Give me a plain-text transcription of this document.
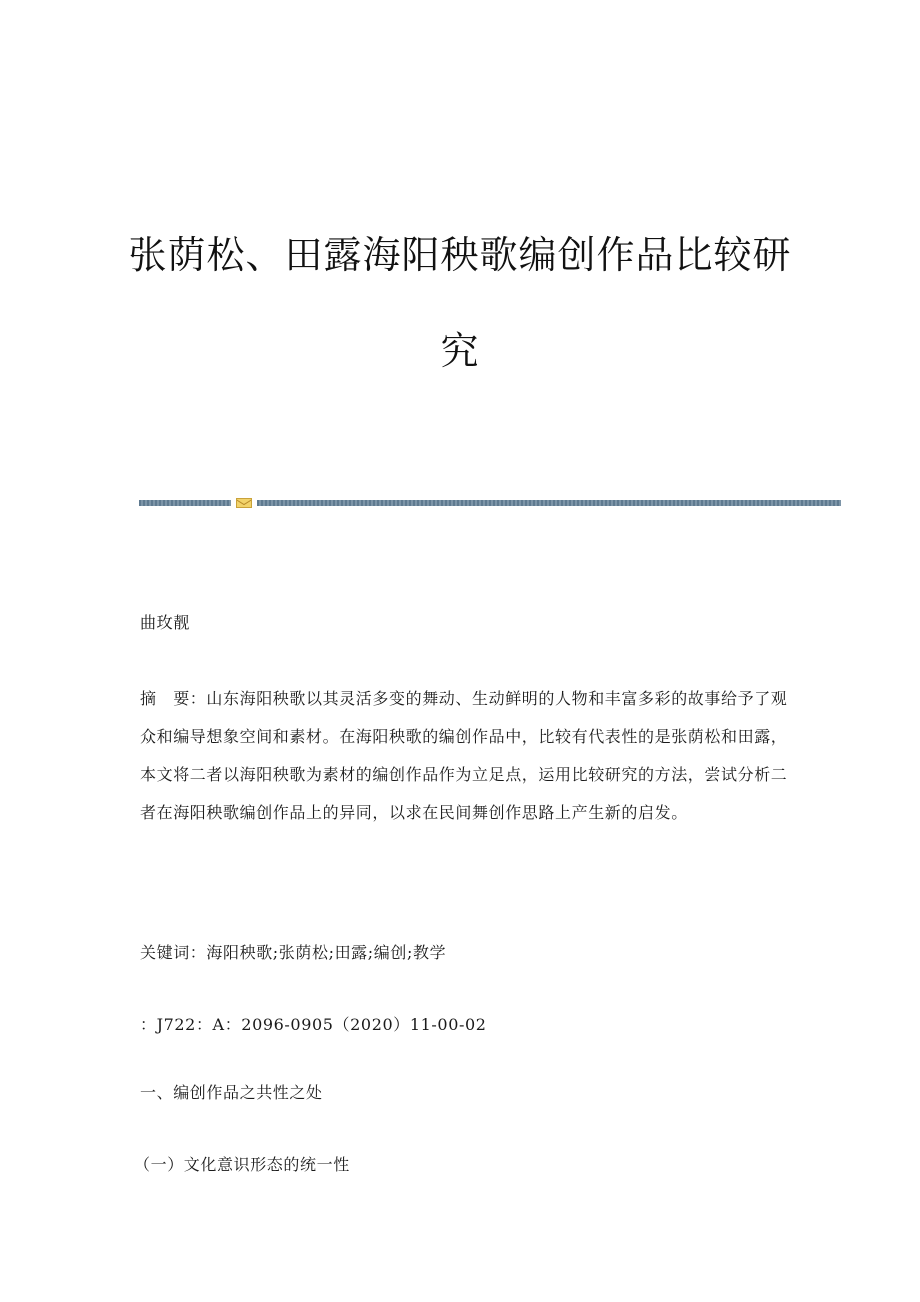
张荫松、田露海阳秧歌编创作品比较研
究

曲玫靓

摘　要：山东海阳秧歌以其灵活多变的舞动、生动鲜明的人物和丰富多彩的故事给予了观众和编导想象空间和素材。在海阳秧歌的编创作品中，比较有代表性的是张荫松和田露，本文将二者以海阳秧歌为素材的编创作品作为立足点，运用比较研究的方法，尝试分析二者在海阳秧歌编创作品上的异同，以求在民间舞创作思路上产生新的启发。

关键词：海阳秧歌;张荫松;田露;编创;教学

：J722：A：2096-0905（2020）11-00-02

一、编创作品之共性之处

（一）文化意识形态的统一性
